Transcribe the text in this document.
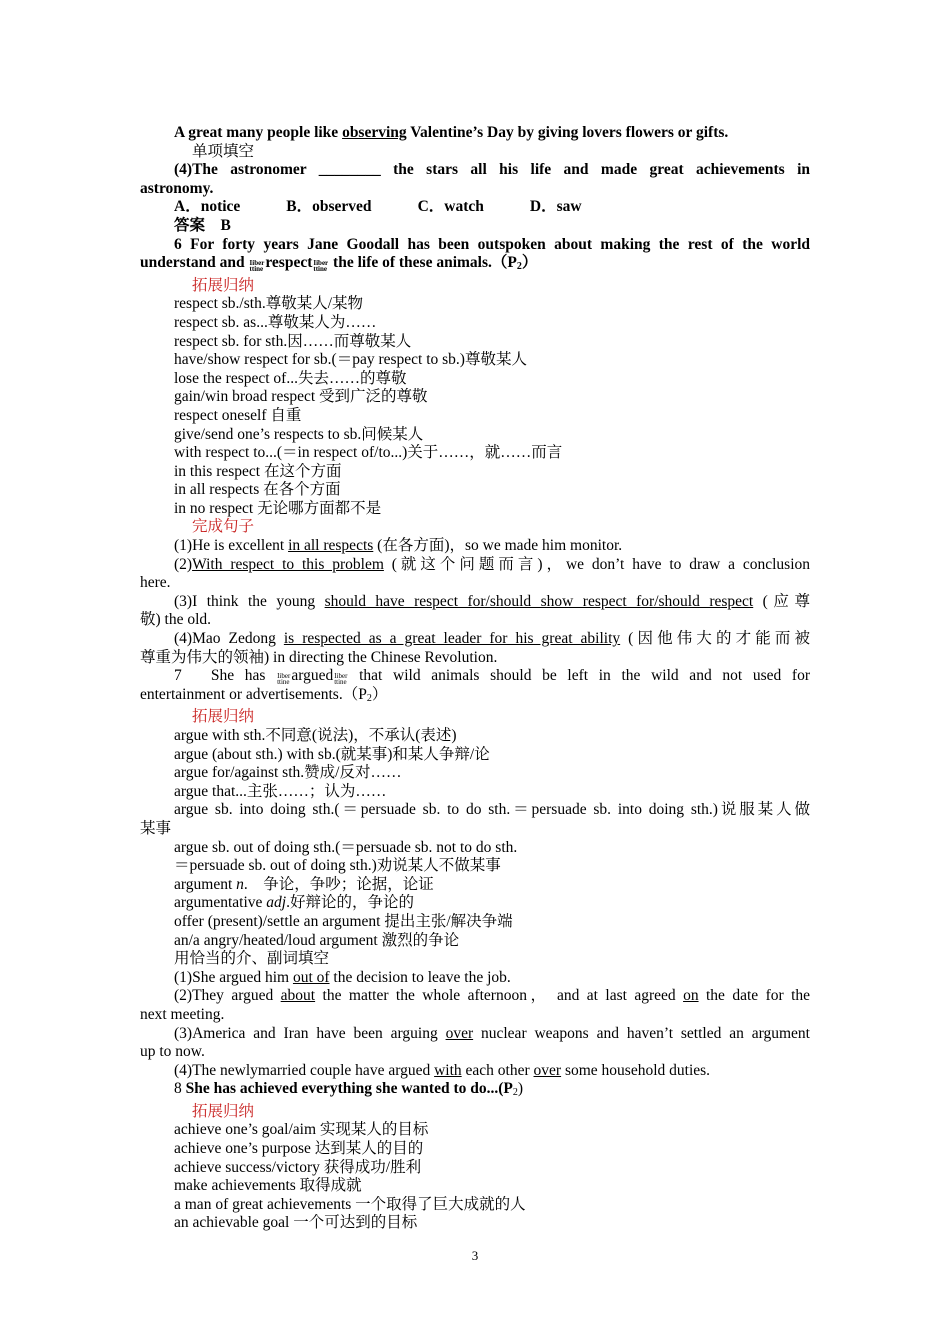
A great many people like observing Valentine’s Day by giving lovers flowers or gifts.
单项填空
(4)The astronomer ________ the stars all his life and made great achievements in
astronomy.
A．notice	B．observed	C．watch	D．saw
答案　B
6 For forty years Jane Goodall has been outspoken about making the rest of the world
understand and Iiber
ttine respect Iiber
ttine the life of these $animals.(P_2)$
拓展归纳
respect sb./sth.尊敬某人/某物
respect sb. as...尊敬某人为……
respect sb. for sth.因……而尊敬某人
have/show respect for sb.(＝pay respect to sb.)尊敬某人
lose the respect of...失去……的尊敬
gain/win broad respect 受到广泛的尊敬
respect oneself 自重
give/send one’s respects to sb.问候某人
with respect to...(＝in respect of/to...)关于……，就……而言
in this respect 在这个方面
in all respects 在各个方面
in no respect 无论哪方面都不是
完成句子
(1)He is excellent in all respects (在各方面)，so we made him monitor.
(2)With respect to this problem (就这个问题而言)，we don’t have to draw a conclusion
here.
(3)I think the young should have respect for/should show respect for/should respect (应尊
敬) the old.
(4)Mao Zedong is respected as a great leader for his great ability (因他伟大的才能而被
尊重为伟大的领袖) in directing the Chinese Revolution.
7　She has Iiber
ttine argued Iiber
ttine that wild animals should be left in the wild and not used for
entertainment or $advertisements.(P_2)$
拓展归纳
argue with sth.不同意(说法)，不承认(表述)
argue (about sth.) with sb.(就某事)和某人争辩/论
argue for/against sth.赞成/反对……
argue that...主张……；认为……
argue sb. into doing sth.(＝persuade sb. to do sth.＝persuade sb. into doing sth.)说服某人做
某事
argue sb. out of doing sth.(＝persuade sb. not to do sth.
＝persuade sb. out of doing sth.)劝说某人不做某事
argument n.　争论，争吵；论据，论证
argumentative adj.好辩论的，争论的
offer (present)/settle an argument 提出主张/解决争端
an/a angry/heated/loud argument 激烈的争论
用恰当的介、副词填空
(1)She argued him out of the decision to leave the job.
(2)They argued about the matter the whole afternoon， and at last agreed on the date for the
next meeting.
(3)America and Iran have been arguing over nuclear weapons and haven’t settled an argument
up to now.
(4)The newlymarried couple have argued with each other over some household duties.
8 She has achieved everything she wanted to $do...(P_2)$
拓展归纳
achieve one’s goal/aim 实现某人的目标
achieve one’s purpose 达到某人的目的
achieve success/victory 获得成功/胜利
make achievements 取得成就
a man of great achievements 一个取得了巨大成就的人
an achievable goal 一个可达到的目标
3
